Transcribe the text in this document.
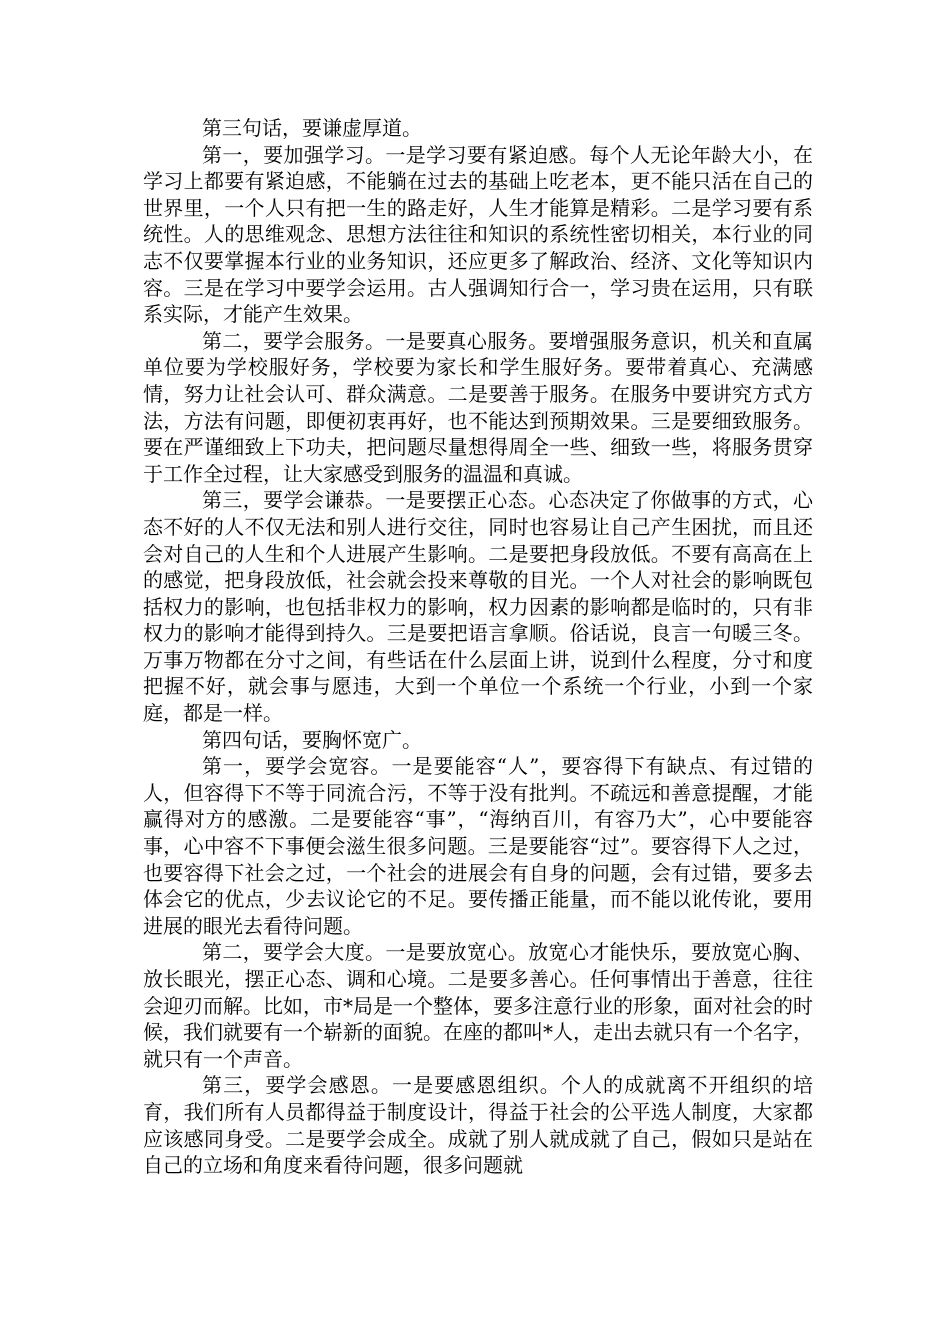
第三句话，要谦虚厚道。

第一，要加强学习。一是学习要有紧迫感。每个人无论年龄大小，在学习上都要有紧迫感，不能躺在过去的基础上吃老本，更不能只活在自己的世界里，一个人只有把一生的路走好，人生才能算是精彩。二是学习要有系统性。人的思维观念、思想方法往往和知识的系统性密切相关，本行业的同志不仅要掌握本行业的业务知识，还应更多了解政治、经济、文化等知识内容。三是在学习中要学会运用。古人强调知行合一，学习贵在运用，只有联系实际，才能产生效果。

第二，要学会服务。一是要真心服务。要增强服务意识，机关和直属单位要为学校服好务，学校要为家长和学生服好务。要带着真心、充满感情，努力让社会认可、群众满意。二是要善于服务。在服务中要讲究方式方法，方法有问题，即便初衷再好，也不能达到预期效果。三是要细致服务。要在严谨细致上下功夫，把问题尽量想得周全一些、细致一些，将服务贯穿于工作全过程，让大家感受到服务的温温和真诚。

第三，要学会谦恭。一是要摆正心态。心态决定了你做事的方式，心态不好的人不仅无法和别人进行交往，同时也容易让自己产生困扰，而且还会对自己的人生和个人进展产生影响。二是要把身段放低。不要有高高在上的感觉，把身段放低，社会就会投来尊敬的目光。一个人对社会的影响既包括权力的影响，也包括非权力的影响，权力因素的影响都是临时的，只有非权力的影响才能得到持久。三是要把语言拿顺。俗话说，良言一句暖三冬。万事万物都在分寸之间，有些话在什么层面上讲，说到什么程度，分寸和度把握不好，就会事与愿违，大到一个单位一个系统一个行业，小到一个家庭，都是一样。

第四句话，要胸怀宽广。

第一，要学会宽容。一是要能容“人”，要容得下有缺点、有过错的人，但容得下不等于同流合污，不等于没有批判。不疏远和善意提醒，才能赢得对方的感激。二是要能容“事”，“海纳百川，有容乃大”，心中要能容事，心中容不下事便会滋生很多问题。三是要能容“过”。要容得下人之过，也要容得下社会之过，一个社会的进展会有自身的问题，会有过错，要多去体会它的优点，少去议论它的不足。要传播正能量，而不能以讹传讹，要用进展的眼光去看待问题。

第二，要学会大度。一是要放宽心。放宽心才能快乐，要放宽心胸、放长眼光，摆正心态、调和心境。二是要多善心。任何事情出于善意，往往会迎刃而解。比如，市*局是一个整体，要多注意行业的形象，面对社会的时候，我们就要有一个崭新的面貌。在座的都叫*人，走出去就只有一个名字，就只有一个声音。

第三，要学会感恩。一是要感恩组织。个人的成就离不开组织的培育，我们所有人员都得益于制度设计，得益于社会的公平选人制度，大家都应该感同身受。二是要学会成全。成就了别人就成就了自己，假如只是站在自己的立场和角度来看待问题，很多问题就
